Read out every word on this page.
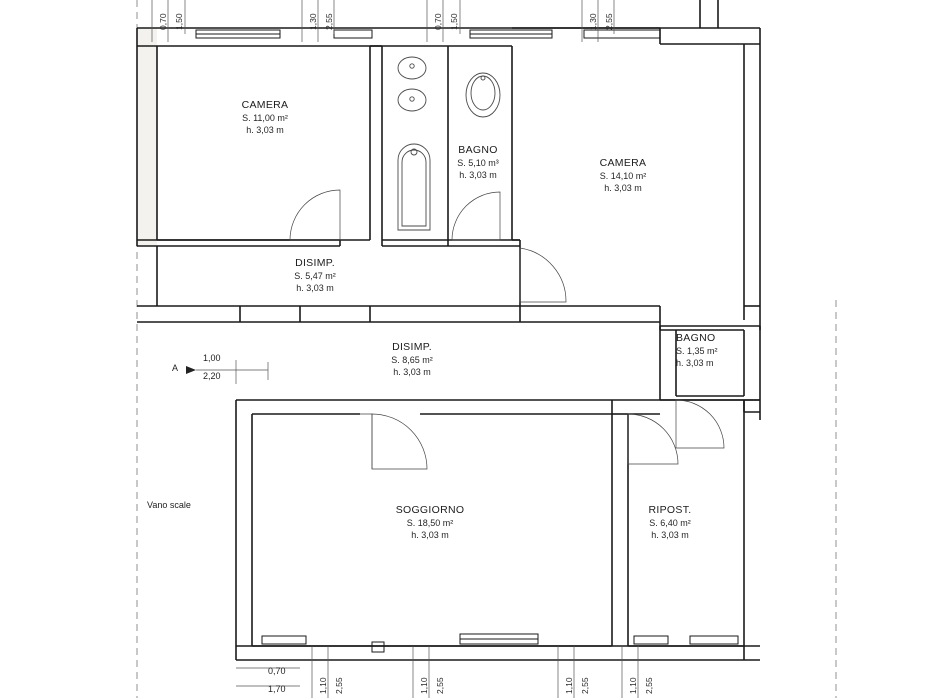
CAMERA
S. 11,00 m²
h. 3,03 m
BAGNO
S. 5,10 m³
h. 3,03 m
CAMERA
S. 14,10 m²
h. 3,03 m
DISIMP.
S. 5,47 m²
h. 3,03 m
DISIMP.
S. 8,65 m²
h. 3,03 m
BAGNO
S. 1,35 m²
h. 3,03 m
SOGGIORNO
S. 18,50 m²
h. 3,03 m
RIPOST.
S. 6,40 m²
h. 3,03 m
Vano scale
A
1,00
2,20
0,70
1,70
0,70 1,50	1,30 2,55	0,70 1,50	1,30 2,55
1,10 2,55	1,10 2,55	1,10 2,55	1,10 2,55
